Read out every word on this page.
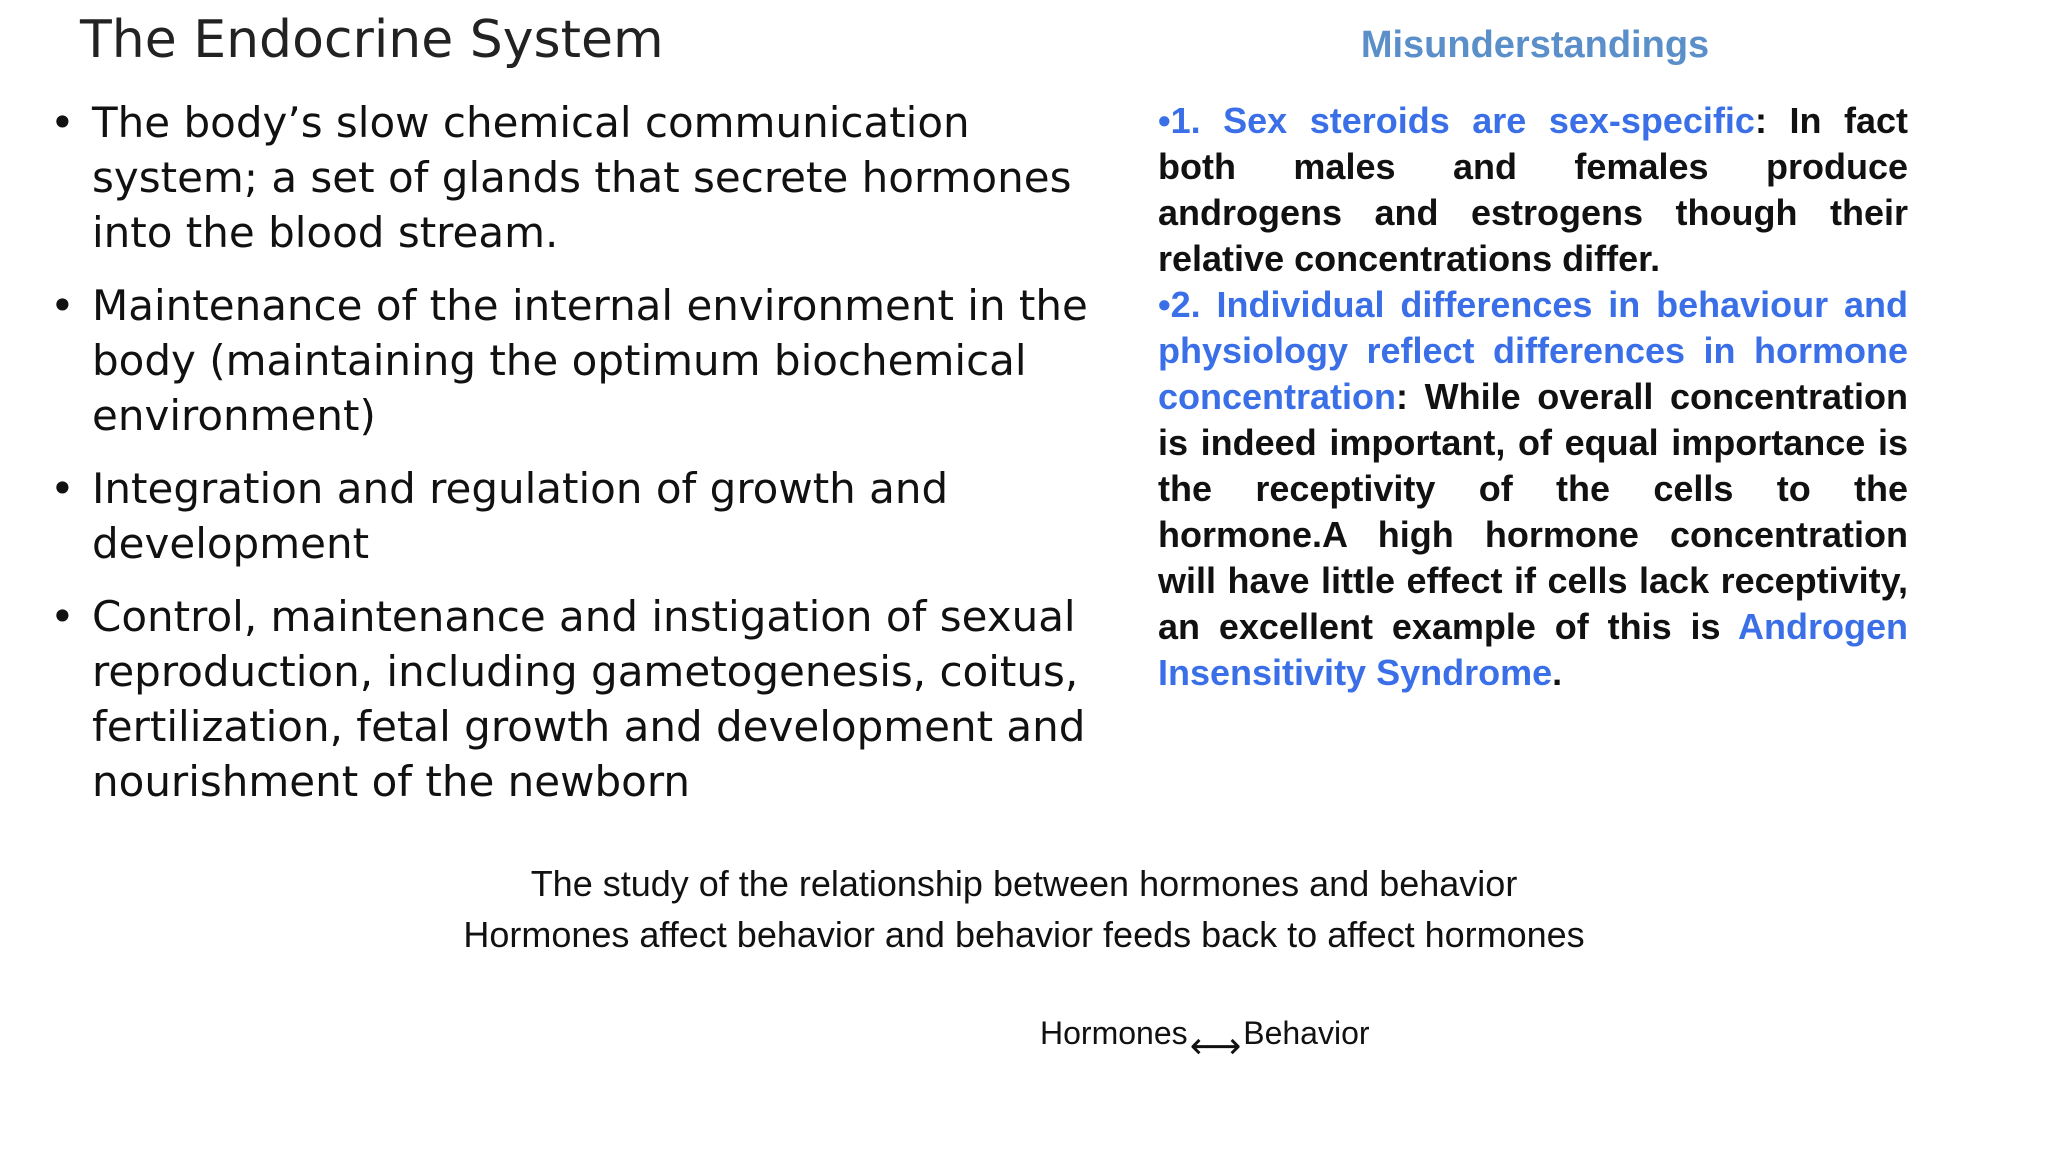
The Endocrine System
• The body’s slow chemical communication system; a set of glands that secrete hormones into the blood stream.
• Maintenance of the internal environment in the body (maintaining the optimum biochemical environment)
• Integration and regulation of growth and development
• Control, maintenance and instigation of sexual reproduction, including gametogenesis, coitus, fertilization, fetal growth and development and nourishment of the newborn
Misunderstandings

•1. Sex steroids are sex-specific: In fact both males and females produce androgens and estrogens though their relative concentrations differ.

•2. Individual differences in behaviour and physiology reflect differences in hormone concentration: While overall concentration is indeed important, of equal importance is the receptivity of the cells to the hormone.A high hormone concentration will have little effect if cells lack receptivity, an excellent example of this is Androgen Insensitivity Syndrome.

The study of the relationship between hormones and behavior
Hormones affect behavior and behavior feeds back to affect hormones
Hormones⟷Behavior
